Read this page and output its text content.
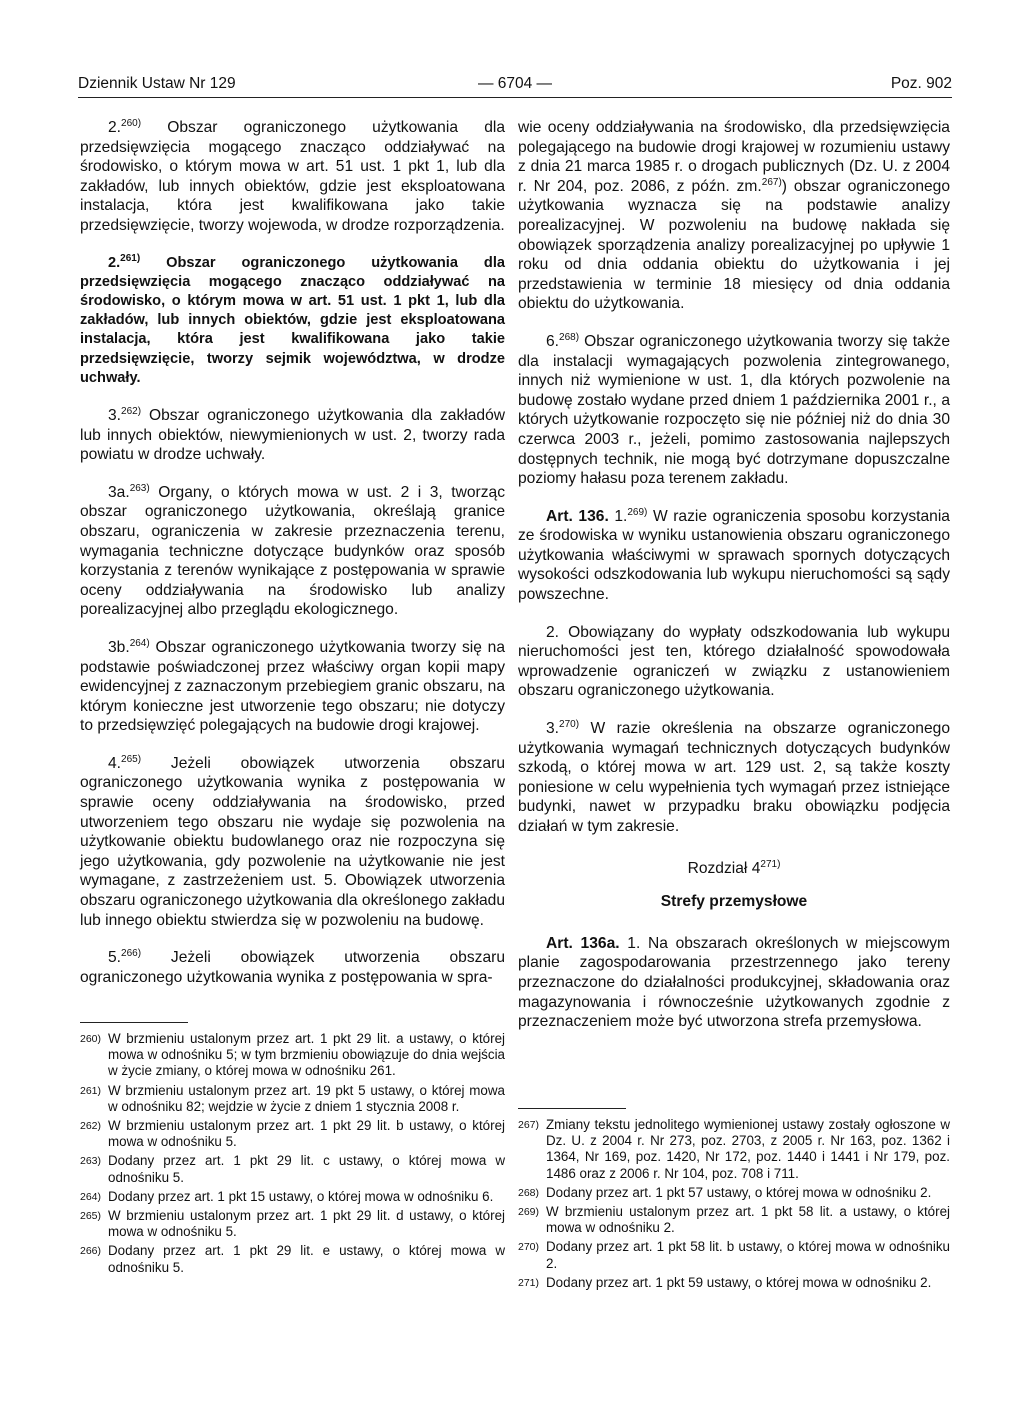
Dziennik Ustaw Nr 129	— 6704 —	Poz. 902

2.$^{260)}$ Obszar ograniczonego użytkowania dla przedsięwzięcia mogącego znacząco oddziaływać na środowisko, o którym mowa w art. 51 ust. 1 pkt 1, lub dla zakładów, lub innych obiektów, gdzie jest eksploatowana instalacja, która jest kwalifikowana jako takie przedsięwzięcie, tworzy wojewoda, w drodze rozporządzenia.

2.$^{261)}$ Obszar ograniczonego użytkowania dla przedsięwzięcia mogącego znacząco oddziaływać na środowisko, o którym mowa w art. 51 ust. 1 pkt 1, lub dla zakładów, lub innych obiektów, gdzie jest eksploatowana instalacja, która jest kwalifikowana jako takie przedsięwzięcie, tworzy sejmik województwa, w drodze uchwały.

3.$^{262)}$ Obszar ograniczonego użytkowania dla zakładów lub innych obiektów, niewymienionych w ust. 2, tworzy rada powiatu w drodze uchwały.

3a.$^{263)}$ Organy, o których mowa w ust. 2 i 3, tworząc obszar ograniczonego użytkowania, określają granice obszaru, ograniczenia w zakresie przeznaczenia terenu, wymagania techniczne dotyczące budynków oraz sposób korzystania z terenów wynikające z postępowania w sprawie oceny oddziaływania na środowisko lub analizy porealizacyjnej albo przeglądu ekologicznego.

3b.$^{264)}$ Obszar ograniczonego użytkowania tworzy się na podstawie poświadczonej przez właściwy organ kopii mapy ewidencyjnej z zaznaczonym przebiegiem granic obszaru, na którym konieczne jest utworzenie tego obszaru; nie dotyczy to przedsięwzięć polegających na budowie drogi krajowej.

4.$^{265)}$ Jeżeli obowiązek utworzenia obszaru ograniczonego użytkowania wynika z postępowania w sprawie oceny oddziaływania na środowisko, przed utworzeniem tego obszaru nie wydaje się pozwolenia na użytkowanie obiektu budowlanego oraz nie rozpoczyna się jego użytkowania, gdy pozwolenie na użytkowanie nie jest wymagane, z zastrzeżeniem ust. 5. Obowiązek utworzenia obszaru ograniczonego użytkowania dla określonego zakładu lub innego obiektu stwierdza się w pozwoleniu na budowę.

5.$^{266)}$ Jeżeli obowiązek utworzenia obszaru ograniczonego użytkowania wynika z postępowania w spra-

260) W brzmieniu ustalonym przez art. 1 pkt 29 lit. a ustawy, o której mowa w odnośniku 5; w tym brzmieniu obowiązuje do dnia wejścia w życie zmiany, o której mowa w odnośniku 261.
261) W brzmieniu ustalonym przez art. 19 pkt 5 ustawy, o której mowa w odnośniku 82; wejdzie w życie z dniem 1 stycznia 2008 r.
262) W brzmieniu ustalonym przez art. 1 pkt 29 lit. b ustawy, o której mowa w odnośniku 5.
263) Dodany przez art. 1 pkt 29 lit. c ustawy, o której mowa w odnośniku 5.
264) Dodany przez art. 1 pkt 15 ustawy, o której mowa w odnośniku 6.
265) W brzmieniu ustalonym przez art. 1 pkt 29 lit. d ustawy, o której mowa w odnośniku 5.
266) Dodany przez art. 1 pkt 29 lit. e ustawy, o której mowa w odnośniku 5.

wie oceny oddziaływania na środowisko, dla przedsięwzięcia polegającego na budowie drogi krajowej w rozumieniu ustawy z dnia 21 marca 1985 r. o drogach publicznych (Dz. U. z 2004 r. Nr 204, poz. 2086, z późn. zm.$^{267)}$) obszar ograniczonego użytkowania wyznacza się na podstawie analizy porealizacyjnej. W pozwoleniu na budowę nakłada się obowiązek sporządzenia analizy porealizacyjnej po upływie 1 roku od dnia oddania obiektu do użytkowania i jej przedstawienia w terminie 18 miesięcy od dnia oddania obiektu do użytkowania.

6.$^{268)}$ Obszar ograniczonego użytkowania tworzy się także dla instalacji wymagających pozwolenia zintegrowanego, innych niż wymienione w ust. 1, dla których pozwolenie na budowę zostało wydane przed dniem 1 października 2001 r., a których użytkowanie rozpoczęto się nie później niż do dnia 30 czerwca 2003 r., jeżeli, pomimo zastosowania najlepszych dostępnych technik, nie mogą być dotrzymane dopuszczalne poziomy hałasu poza terenem zakładu.

Art. 136. 1.$^{269)}$ W razie ograniczenia sposobu korzystania ze środowiska w wyniku ustanowienia obszaru ograniczonego użytkowania właściwymi w sprawach spornych dotyczących wysokości odszkodowania lub wykupu nieruchomości są sądy powszechne.

2. Obowiązany do wypłaty odszkodowania lub wykupu nieruchomości jest ten, którego działalność spowodowała wprowadzenie ograniczeń w związku z ustanowieniem obszaru ograniczonego użytkowania.

3.$^{270)}$ W razie określenia na obszarze ograniczonego użytkowania wymagań technicznych dotyczących budynków szkodą, o której mowa w art. 129 ust. 2, są także koszty poniesione w celu wypełnienia tych wymagań przez istniejące budynki, nawet w przypadku braku obowiązku podjęcia działań w tym zakresie.

Rozdział 4$^{271)}$
Strefy przemysłowe

Art. 136a. 1. Na obszarach określonych w miejscowym planie zagospodarowania przestrzennego jako tereny przeznaczone do działalności produkcyjnej, składowania oraz magazynowania i równocześnie użytkowanych zgodnie z przeznaczeniem może być utworzona strefa przemysłowa.

267) Zmiany tekstu jednolitego wymienionej ustawy zostały ogłoszone w Dz. U. z 2004 r. Nr 273, poz. 2703, z 2005 r. Nr 163, poz. 1362 i 1364, Nr 169, poz. 1420, Nr 172, poz. 1440 i 1441 i Nr 179, poz. 1486 oraz z 2006 r. Nr 104, poz. 708 i 711.
268) Dodany przez art. 1 pkt 57 ustawy, o której mowa w odnośniku 2.
269) W brzmieniu ustalonym przez art. 1 pkt 58 lit. a ustawy, o której mowa w odnośniku 2.
270) Dodany przez art. 1 pkt 58 lit. b ustawy, o której mowa w odnośniku 2.
271) Dodany przez art. 1 pkt 59 ustawy, o której mowa w odnośniku 2.
